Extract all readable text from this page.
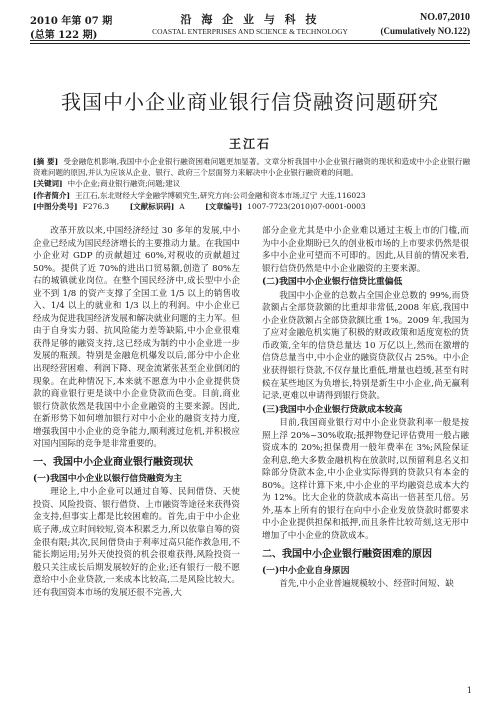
2010 年第 07 期
(总第 122 期)
沿 海 企 业 与 科 技
COASTAL ENTERPRISES AND SCIENCE & TECHNOLOGY
NO.07,2010
(Cumulatively NO.122)
我国中小企业商业银行信贷融资问题研究
王江石

[摘 要] 受金融危机影响,我国中小企业银行融资困难问题更加显著。文章分析我国中小企业银行融资的现状和造成中小企业银行融资难问题的原因,并认为应该从企业、银行、政府三个层面努力来解决中小企业银行融资难的问题。

[关键词] 中小企业;商业银行融资;问题;建议

[作者简介] 王江石,东北财经大学金融学博硕究生,研究方向:公司金融和资本市场,辽宁 大连,116023

[中图分类号] F276.3	[文献标识码] A	[文章编号] 1007-7723(2010)07-0001-0003

改革开放以来,中国经济经过 30 多年的发展,中小企业已经成为国民经济增长的主要推动力量。在我国中小企业对 GDP 的贡献超过 60%,对税收的贡献超过 50%。提供了近 70%的进出口贸易额,创造了 80%左右的城镇就业岗位。在整个国民经济中,成长型中小企业不到 1/8 的资产支撑了全国工业 1/5 以上的销售收入、1/4 以上的就业和 1/3 以上的利润。中小企业已经成为促进我国经济发展和解决就业问题的主力军。但由于自身实力弱、抗风险能力差等缺陷,中小企业很难获得足够的融资支持,这已经成为制约中小企业进一步发展的瓶颈。特别是金融危机爆发以后,部分中小企业出现经营困难、利润下降、现金流紧张甚至企业倒闭的现象。在此种情况下,本来就不愿意为中小企业提供贷款的商业银行更是谈中小企业贷款而色变。目前,商业银行贷款依然是我国中小企业融资的主要来源。因此,在新形势下如何增加银行对中小企业的融资支持力度,增强我国中小企业的竞争能力,顺利渡过危机,并积极应对国内国际的竞争是非常重要的。

一、我国中小企业商业银行融资现状
(一)我国中小企业以银行信贷融资为主

理论上,中小企业可以通过自筹、民间借贷、天使投资、风险投资、银行借贷、上市融资等途径来获得资金支持,但事实上都是比较困难的。首先,由于中小企业底子薄,成立时间较短,资本积累乏力,所以依靠自筹的资金很有限;其次,民间借贷由于利率过高只能作救急用,不能长期运用;另外天使投资的机会很难获得,风险投资一般只关注成长后期发展较好的企业;还有银行一般不愿意给中小企业贷款,一来成本比较高,二是风险比较大。还有我国资本市场的发展还很不完善,大

部分企业尤其是中小企业难以通过主板上市的门槛,而为中小企业期盼已久的创业板市场的上市要求仍然是很多中小企业可望而不可即的。因此,从目前的情况来看,银行信贷仍然是中小企业融资的主要来源。

(二)我国中小企业银行信贷比重偏低

我国中小企业的总数占全国企业总数的 99%,而贷款额占全部贷款额的比重却非常低,2008 年底,我国中小企业贷款额占全部贷款额比重 1%。2009 年,我国为了应对金融危机实施了积极的财政政策和适度宽松的货币政策,全年的信贷总量达 10 万亿以上,然而在激增的信贷总量当中,中小企业的融资贷款仅占 25%。中小企业获得银行贷款,不仅存量比重低,增量也趋缓,甚至有时候在某些地区为负增长,特别是新生中小企业,尚无赢利记录,更难以申请得到银行贷款。

(三)我国中小企业银行贷款成本较高

目前,我国商业银行对中小企业贷款利率一般是按照上浮 20%~30%收取;抵押物登记评估费用一般占融资成本的 20%;担保费用一般年费率在 3%;风险保证金利息,绝大多数金融机构在放款时,以预留利息名义扣除部分贷款本金,中小企业实际得到的贷款只有本金的 80%。这样计算下来,中小企业的平均融资总成本大约为 12%。比大企业的贷款成本高出一倍甚至几倍。另外,基本上所有的银行在向中小企业发放贷款时都要求中小企业提供担保和抵押,而且条件比较苛刻,这无形中增加了中小企业的贷款成本。

二、我国中小企业银行融资困难的原因
(一)中小企业自身原因

首先,中小企业普遍规模较小、经营时间短、缺

1
